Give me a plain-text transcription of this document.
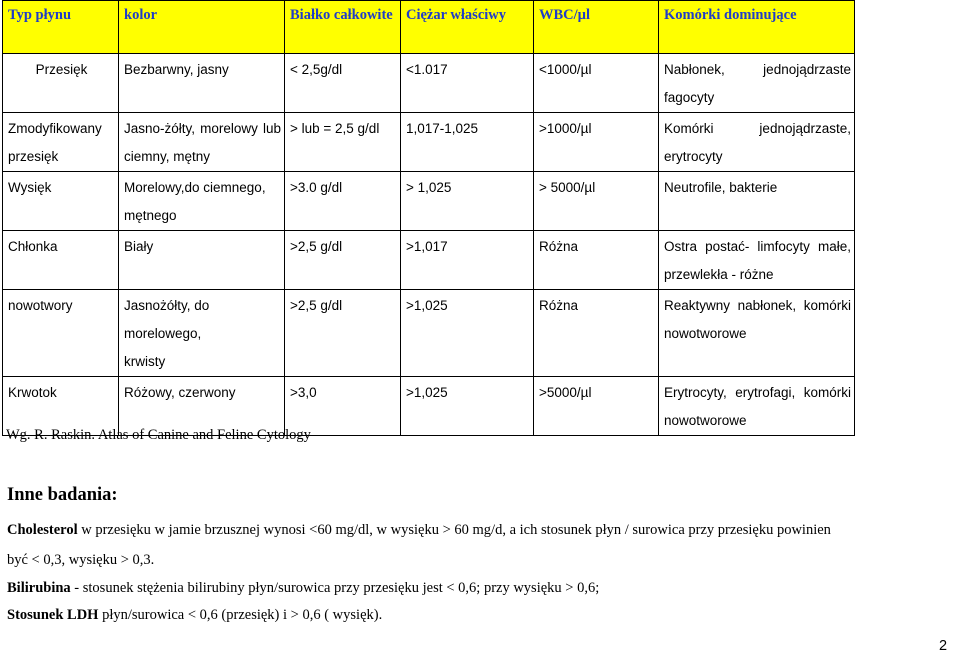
Typ płynu	kolor	Białko całkowite	Ciężar właściwy	WBC/µl	Komórki dominujące
Przesięk	Bezbarwny, jasny	< 2,5g/dl	<1.017	<1000/µl	Nabłonek, jednojądrzaste fagocyty
Zmodyfikowany przesięk	Jasno-żółty, morelowy lub ciemny, mętny	> lub = 2,5 g/dl	1,017-1,025	>1000/µl	Komórki jednojądrzaste, erytrocyty
Wysięk	Morelowy,do ciemnego, mętnego	>3.0 g/dl	> 1,025	> 5000/µl	Neutrofile, bakterie
Chłonka	Biały	>2,5 g/dl	>1,017	Różna	Ostra postać- limfocyty małe, przewlekła - różne
nowotwory	Jasnożółty, do morelowego, krwisty	>2,5 g/dl	>1,025	Różna	Reaktywny nabłonek, komórki nowotworowe
Krwotok	Różowy, czerwony	>3,0	>1,025	>5000/µl	Erytrocyty, erytrofagi, komórki nowotworowe
Wg. R. Raskin. Atlas of Canine and Feline Cytology
Inne badania:
Cholesterol w przesięku w jamie brzusznej wynosi <60 mg/dl, w wysięku > 60 mg/d, a ich stosunek płyn / surowica przy przesięku powinien
być < 0,3, wysięku > 0,3.
Bilirubina - stosunek stężenia bilirubiny płyn/surowica przy przesięku jest < 0,6; przy wysięku > 0,6;
Stosunek LDH płyn/surowica < 0,6 (przesięk) i > 0,6 ( wysięk).
2
